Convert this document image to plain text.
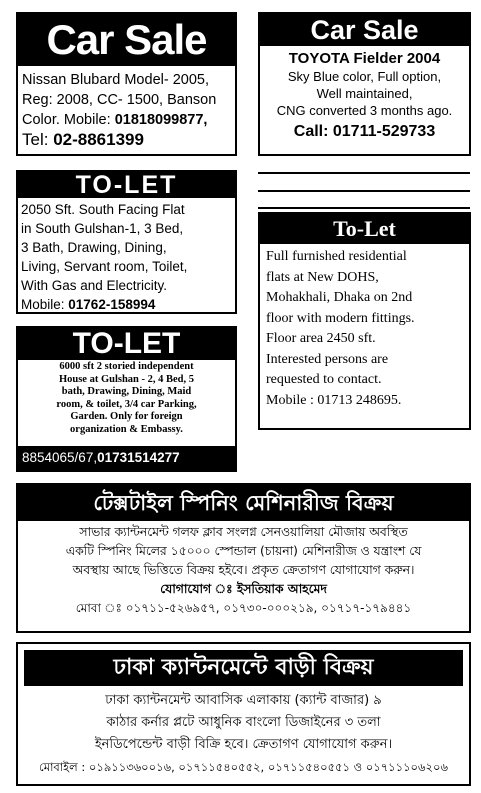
Car Sale
Nissan Blubard Model- 2005,
Reg: 2008, CC- 1500, Banson
Color. Mobile: 01818099877,
Tel: 02-8861399
Car Sale
TOYOTA Fielder 2004
Sky Blue color, Full option,
Well maintained,
CNG converted 3 months ago.
Call: 01711-529733
TO-LET
2050 Sft. South Facing Flat
in South Gulshan-1, 3 Bed,
3 Bath, Drawing, Dining,
Living, Servant room, Toilet,
With Gas and Electricity.
Mobile: 01762-158994
To-Let
Full furnished residential
flats at New DOHS,
Mohakhali, Dhaka on 2nd
floor with modern fittings.
Floor area 2450 sft.
Interested persons are
requested to contact.
Mobile : 01713 248695.
TO-LET
6000 sft 2 storied independent
House at Gulshan - 2, 4 Bed, 5
bath, Drawing, Dining, Maid
room, & toilet, 3/4 car Parking,
Garden. Only for foreign
organization & Embassy.
8854065/67,01731514277
টেক্সটাইল স্পিনিং মেশিনারীজ বিক্রয়
সাভার ক্যান্টনমেন্ট গলফ ক্লাব সংলগ্ন সেনওয়ালিয়া মৌজায় অবস্থিত
একটি স্পিনিং মিলের ১৫০০০ স্পেন্ডাল (চায়না) মেশিনারীজ ও যন্ত্রাংশ যে
অবস্থায় আছে ভিত্তিতে বিক্রয় হইবে। প্রকৃত ক্রেতাগণ যোগাযোগ করুন।
যোগাযোগ ঃ ইসতিয়াক আহমেদ
মোবা ঃ ০১৭১১-৫২৬৯৫৭, ০১৭৩০-০০০২১৯, ০১৭১৭-১৭৯৪৪১
ঢাকা ক্যান্টনমেন্টে বাড়ী বিক্রয়
ঢাকা ক্যান্টনমেন্ট আবাসিক এলাকায় (ক্যান্ট বাজার) ৯
কাঠার কর্নার প্লটে আধুনিক বাংলো ডিজাইনের ৩ তলা
ইনডিপেন্ডেন্ট বাড়ী বিক্রি হবে। ক্রেতাগণ যোগাযোগ করুন।
মোবাইল : ০১৯১১৩৬০০১৬, ০১৭১১৫৪০৫৫২, ০১৭১১৫৪০৫৫১ ও ০১৭১১১০৬২০৬
